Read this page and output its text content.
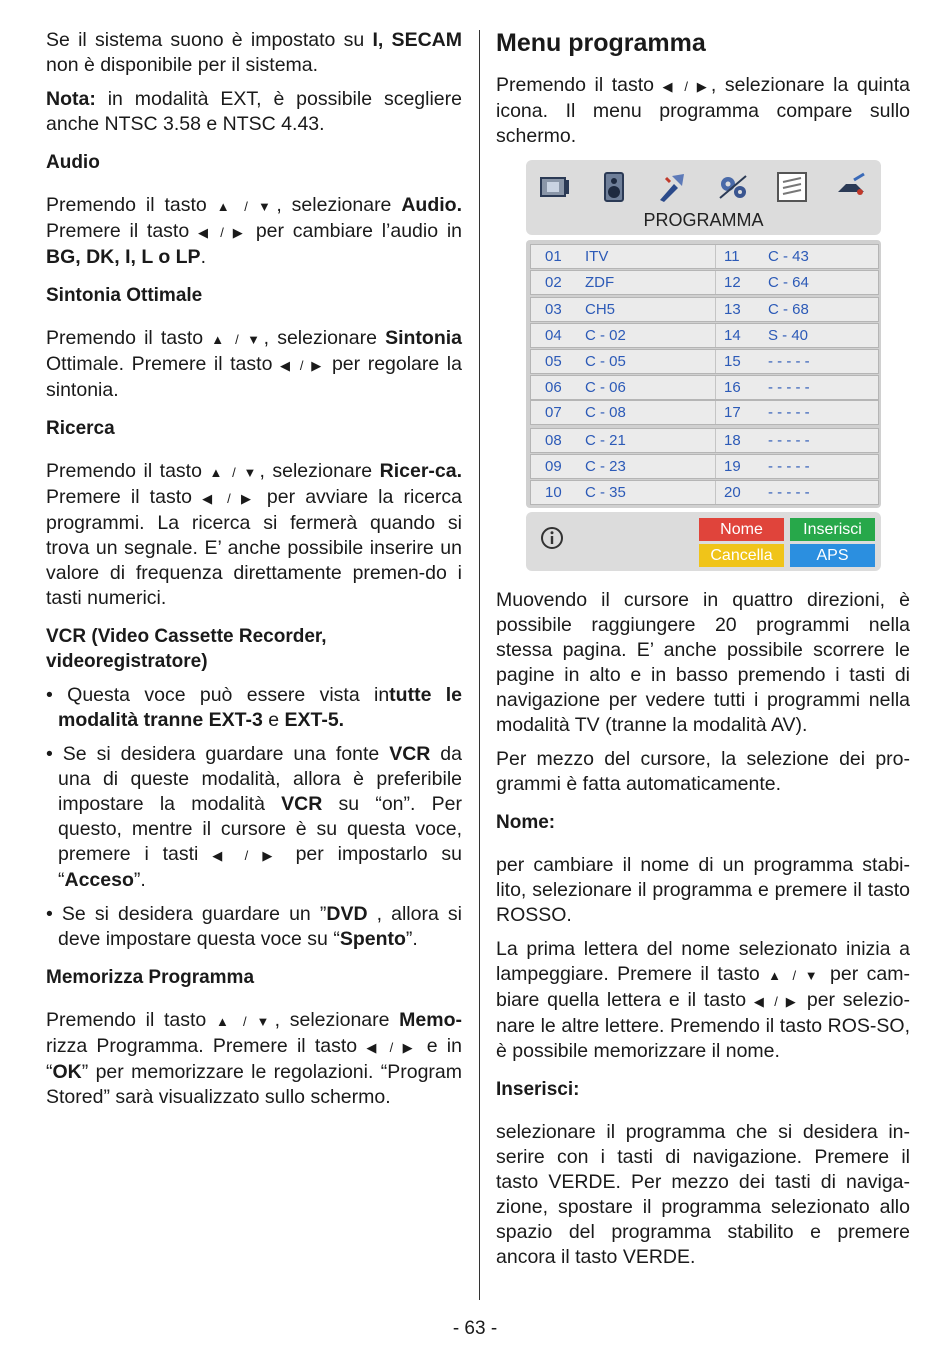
Se il sistema suono è impostato su I, SECAM non è disponibile per il sistema.

Nota: in modalità EXT, è possibile scegliere anche NTSC 3.58 e NTSC 4.43.

Audio

Premendo il tasto ▲ / ▼, selezionare Audio. Premere il tasto ◀ / ▶ per cambiare l’audio in BG, DK, I, L o LP.

Sintonia Ottimale

Premendo il tasto ▲ / ▼, selezionare Sintonia Ottimale. Premere il tasto ◀ / ▶ per regolare la sintonia.

Ricerca

Premendo il tasto ▲ / ▼, selezionare Ricer-ca. Premere il tasto ◀ / ▶ per avviare la ricerca programmi. La ricerca si fermerà quando si trova un segnale. E’ anche possibile inserire un valore di frequenza direttamente premen-do i tasti numerici.

VCR (Video Cassette Recorder, videoregistratore)

• Questa voce può essere vista intutte le modalità tranne EXT-3 e EXT-5.

• Se si desidera guardare una fonte VCR da una di queste modalità, allora è preferibile impostare la modalità VCR su “on”. Per questo, mentre il cursore è su questa voce, premere i tasti ◀ / ▶ per impostarlo su “Acceso”.

• Se si desidera guardare un ”DVD , allora si deve impostare questa voce su “Spento”.

Memorizza Programma

Premendo il tasto ▲ / ▼, selezionare Memo-rizza Programma. Premere il tasto ◀ / ▶ e in “OK” per memorizzare le regolazioni. “Program Stored” sarà visualizzato sullo schermo.

Menu programma

Premendo il tasto ◀ / ▶, selezionare la quinta icona. Il menu programma compare sullo schermo.

PROGRAMMA
01 ITV	11 C - 43
02 ZDF	12 C - 64
03 CH5	13 C - 68
04 C - 02	14 S - 40
05 C - 05	15 - - - - -
06 C - 06	16 - - - - -
07 C - 08	17 - - - - -
08 C - 21	18 - - - - -
09 C - 23	19 - - - - -
10 C - 35	20 - - - - -
Nome	Inserisci
Cancella	APS

Muovendo il cursore in quattro direzioni, è possibile raggiungere 20 programmi nella stessa pagina. E’ anche possibile scorrere le pagine in alto e in basso premendo i tasti di navigazione per vedere tutti i programmi nella modalità TV (tranne la modalità AV).

Per mezzo del cursore, la selezione dei pro-grammi è fatta automaticamente.

Nome:

per cambiare il nome di un programma stabi-lito, selezionare il programma e premere il tasto ROSSO.

La prima lettera del nome selezionato inizia a lampeggiare. Premere il tasto ▲ / ▼ per cam-biare quella lettera e il tasto ◀ / ▶ per selezio-nare le altre lettere. Premendo il tasto ROS-SO, è possibile memorizzare il nome.

Inserisci:

selezionare il programma che si desidera in-serire con i tasti di navigazione. Premere il tasto VERDE. Per mezzo dei tasti di naviga-zione, spostare il programma selezionato allo spazio del programma stabilito e premere ancora il tasto VERDE.

- 63 -
